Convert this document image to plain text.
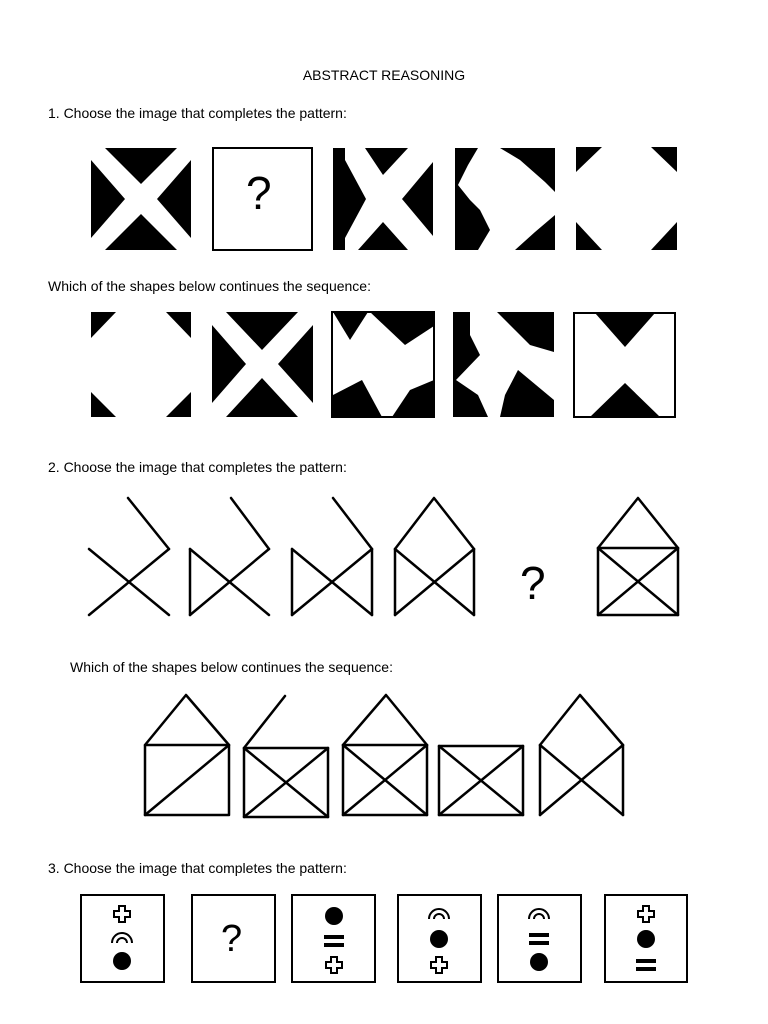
ABSTRACT REASONING
1. Choose the image that completes the pattern:
?
Which of the shapes below continues the sequence:
2. Choose the image that completes the pattern:
?
Which of the shapes below continues the sequence:
3. Choose the image that completes the pattern:
?
